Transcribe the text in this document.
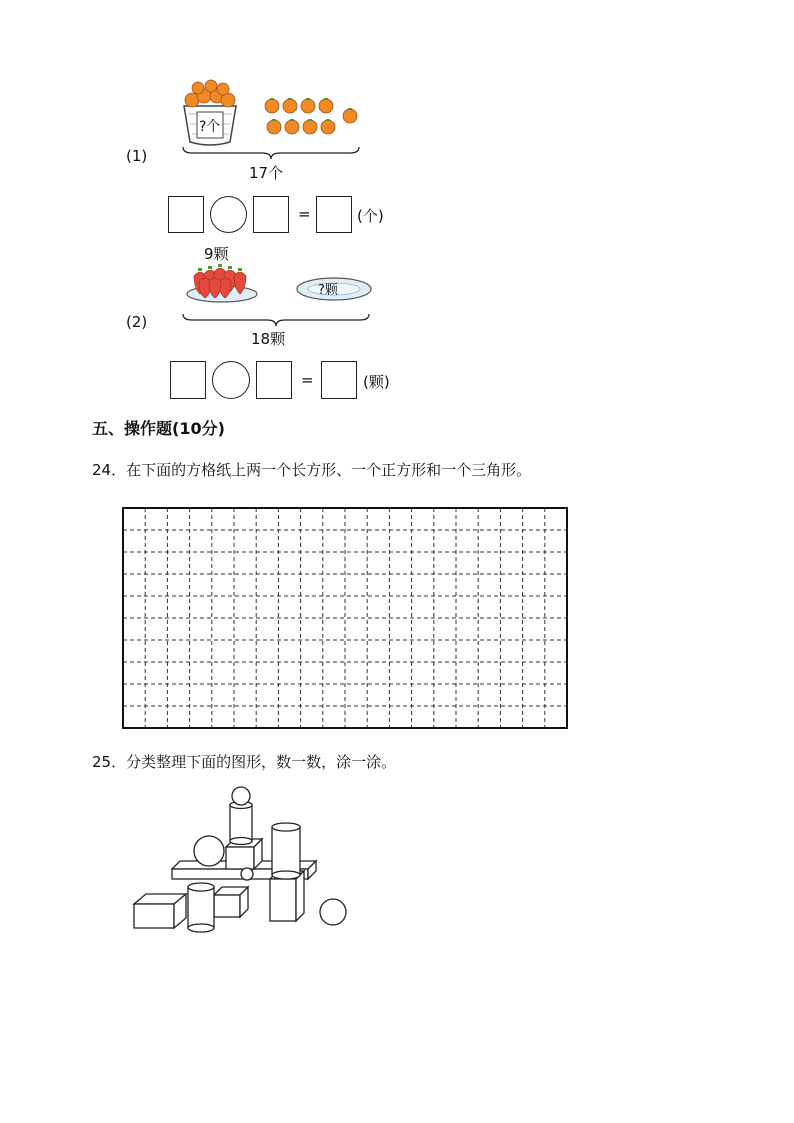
(1)
?个
17个
=	(个)
9颗
?颗
(2)
18颗
=	(颗)
五、操作题(10分)
24．在下面的方格纸上两一个长方形、一个正方形和一个三角形。
25．分类整理下面的图形，数一数，涂一涂。
